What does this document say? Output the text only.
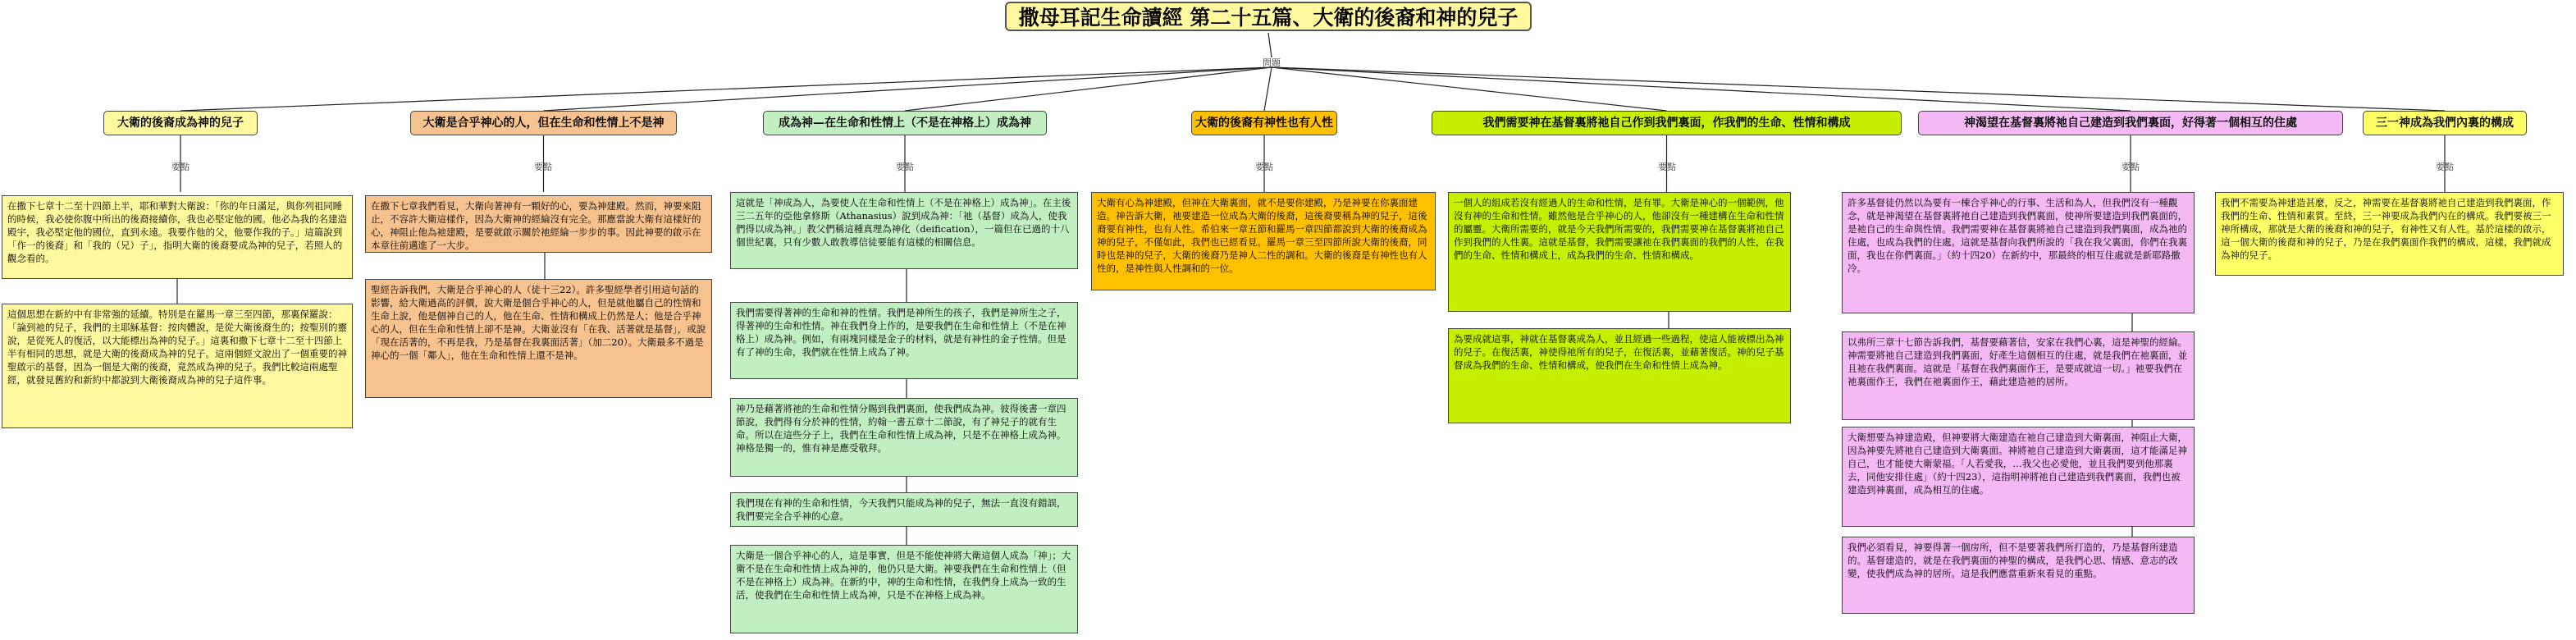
撒母耳記生命讀經 第二十五篇、大衛的後裔和神的兒子
問題
大衛的後裔成為神的兒子	大衛是合乎神心的人，但在生命和性情上不是神	成為神—在生命和性情上（不是在神格上）成為神	大衛的後裔有神性也有人性	我們需要神在基督裏將祂自己作到我們裏面，作我們的生命、性情和構成	神渴望在基督裏將祂自己建造到我們裏面，好得著一個相互的住處	三一神成為我們內裏的構成
要點	要點	要點	要點	要點	要點	要點
在撒下七章十二至十四節上半，耶和華對大衛說：「你的年日滿足，與你列祖同睡的時候，我必使你腹中所出的後裔接續你，我也必堅定他的國。他必為我的名建造殿宇，我必堅定他的國位，直到永遠。我要作他的父，他要作我的子。」這篇說到「作一的後裔」和「我的（兄）子」，指明大衛的後裔要成為神的兒子，若照人的觀念看的。
這個思想在新約中有非常強的延續。特別是在羅馬一章三至四節，那裏保羅說：「論到祂的兒子，我們的主耶穌基督：按肉體說，是從大衛後裔生的；按聖別的靈說，是從死人的復活，以大能標出為神的兒子。」這裏和撒下七章十二至十四節上半有相同的思想，就是大衛的後裔成為神的兒子。這兩個經文說出了一個重要的神聖啟示的基督，因為一個是大衛的後裔，竟然成為神的兒子。我們比較這兩處聖經，就發見舊約和新約中都說到大衛後裔成為神的兒子這件事。
在撒下七章我們看見，大衛向著神有一顆好的心，要為神建殿。然而，神要來阻止，不容許大衛這樣作，因為大衛神的經綸沒有完全。那應當說大衛有這樣好的心，神阻止他為祂建殿，是要就啟示關於祂經綸一步步的事。因此神要的啟示在本章往前邁進了一大步。
聖經告訴我們，大衛是合乎神心的人（徒十三22）。許多聖經學者引用這句話的影響，給大衛過高的評價，說大衛是個合乎神心的人，但是就他屬自己的性情和生命上說，他是個神自己的人，他在生命、性情和構成上仍然是人；他是合乎神心的人，但在生命和性情上卻不是神。大衛並沒有「在我、活著就是基督」，或說「現在活著的，不再是我，乃是基督在我裏面活著」（加二20）。大衛最多不過是神心的一個「鄰人」，他在生命和性情上還不是神。
這就是「神成為人，為要使人在生命和性情上（不是在神格上）成為神」。在主後三二五年的亞他拿修斯（Athanasius）說到成為神：「祂（基督）成為人，使我們得以成為神。」教父們稱這種真理為神化（deification），一篇但在已過的十八個世紀裏，只有少數人敢教導信徒要能有這樣的相關信息。
我們需要得著神的生命和神的性情。我們是神所生的孩子，我們是神所生之子，得著神的生命和性情。神在我們身上作的，是要我們在生命和性情上（不是在神格上）成為神。例如，有兩塊同樣是金子的材料，就是有神性的金子性情。但是有了神的生命，我們就在性情上成為了神。
神乃是藉著將祂的生命和性情分賜到我們裏面，使我們成為神。彼得後書一章四節說，我們得有分於神的性情，約翰一書五章十二節說，有了神兒子的就有生命。所以在這些分子上，我們在生命和性情上成為神，只是不在神格上成為神。神格是獨一的，惟有神是應受敬拜。
我們現在有神的生命和性情，今天我們只能成為神的兒子，無法一直沒有錯誤，我們要完全合乎神的心意。
大衛是一個合乎神心的人，這是事實，但是不能使神將大衛這個人成為「神」；大衛不是在生命和性情上成為神的，他仍只是大衛。神要我們在生命和性情上（但不是在神格上）成為神。在新約中，神的生命和性情，在我們身上成為一致的生活，使我們在生命和性情上成為神，只是不在神格上成為神。
大衛有心為神建殿，但神在大衛裏面，就不是要你建殿，乃是神要在你裏面建造。神告訴大衛，祂要建造一位成為大衛的後裔，這後裔要稱為神的兒子，這後裔要有神性，也有人性。希伯來一章五節和羅馬一章四節都說到大衛的後裔成為神的兒子，不僅如此，我們也已經看見。羅馬一章三至四節所說大衛的後裔，同時也是神的兒子，大衛的後裔乃是神人二性的調和。大衛的後裔是有神性也有人性的，是神性與人性調和的一位。
一個人的組成若沒有經過人的生命和性情，是有罪。大衛是神心的一個範例，他沒有神的生命和性情。雖然他是合乎神心的人，他卻沒有一種建構在生命和性情的屬靈。大衛所需要的，就是今天我們所需要的，我們需要神在基督裏將祂自己作到我們的人性裏。這就是基督，我們需要讓祂在我們裏面的我們的人性，在我們的生命、性情和構成上，成為我們的生命、性情和構成。
為要成就這事，神就在基督裏成為人，並且經過一些過程，使這人能被標出為神的兒子。在復活裏，神使得祂所有的兒子，在復活裏，並藉著復活。神的兒子基督成為我們的生命、性情和構成，使我們在生命和性情上成為神。
許多基督徒仍然以為要有一棟合乎神心的行事、生活和為人，但我們沒有一種觀念，就是神渴望在基督裏將祂自己建造到我們裏面，使神所要建造到我們裏面的，是祂自己的生命與性情。我們需要神在基督裏將祂自己建造到我們裏面，成為祂的住處，也成為我們的住處。這就是基督向我們所說的「我在我父裏面，你們在我裏面，我也在你們裏面。」（約十四20）在新約中，那最終的相互住處就是新耶路撒冷。
以弗所三章十七節告訴我們，基督要藉著信，安家在我們心裏，這是神聖的經綸。神需要將祂自己建造到我們裏面，好產生這個相互的住處，就是我們在祂裏面，並且祂在我們裏面。這就是「基督在我們裏面作王，是要成就這一切。」祂要我們在祂裏面作王，我們在祂裏面作王，藉此建造祂的居所。
大衛想要為神建造殿，但神要將大衛建造在祂自己建造到大衛裏面，神阻止大衛，因為神要先將祂自己建造到大衛裏面。神將祂自己建造到大衛裏面，這才能滿足神自己，也才能使大衛蒙福。「人若愛我，…我父也必愛他，並且我們要到他那裏去，同他安排住處」（約十四23），這指明神將祂自己建造到我們裏面，我們也被建造到神裏面，成為相互的住處。
我們必須看見，神要得著一個房所，但不是要著我們所打造的，乃是基督所建造的。基督建造的，就是在我們裏面的神聖的構成，是我們心思、情感、意志的改變，使我們成為神的居所。這是我們應當重新來看見的重點。
我們不需要為神建造甚麼，反之，神需要在基督裏將祂自己建造到我們裏面，作我們的生命、性情和素質。至終，三一神要成為我們內在的構成。我們要被三一神所構成，那就是大衛的後裔和神的兒子，有神性又有人性。基於這樣的啟示，這一個大衛的後裔和神的兒子，乃是在我們裏面作我們的構成，這樣，我們就成為神的兒子。
